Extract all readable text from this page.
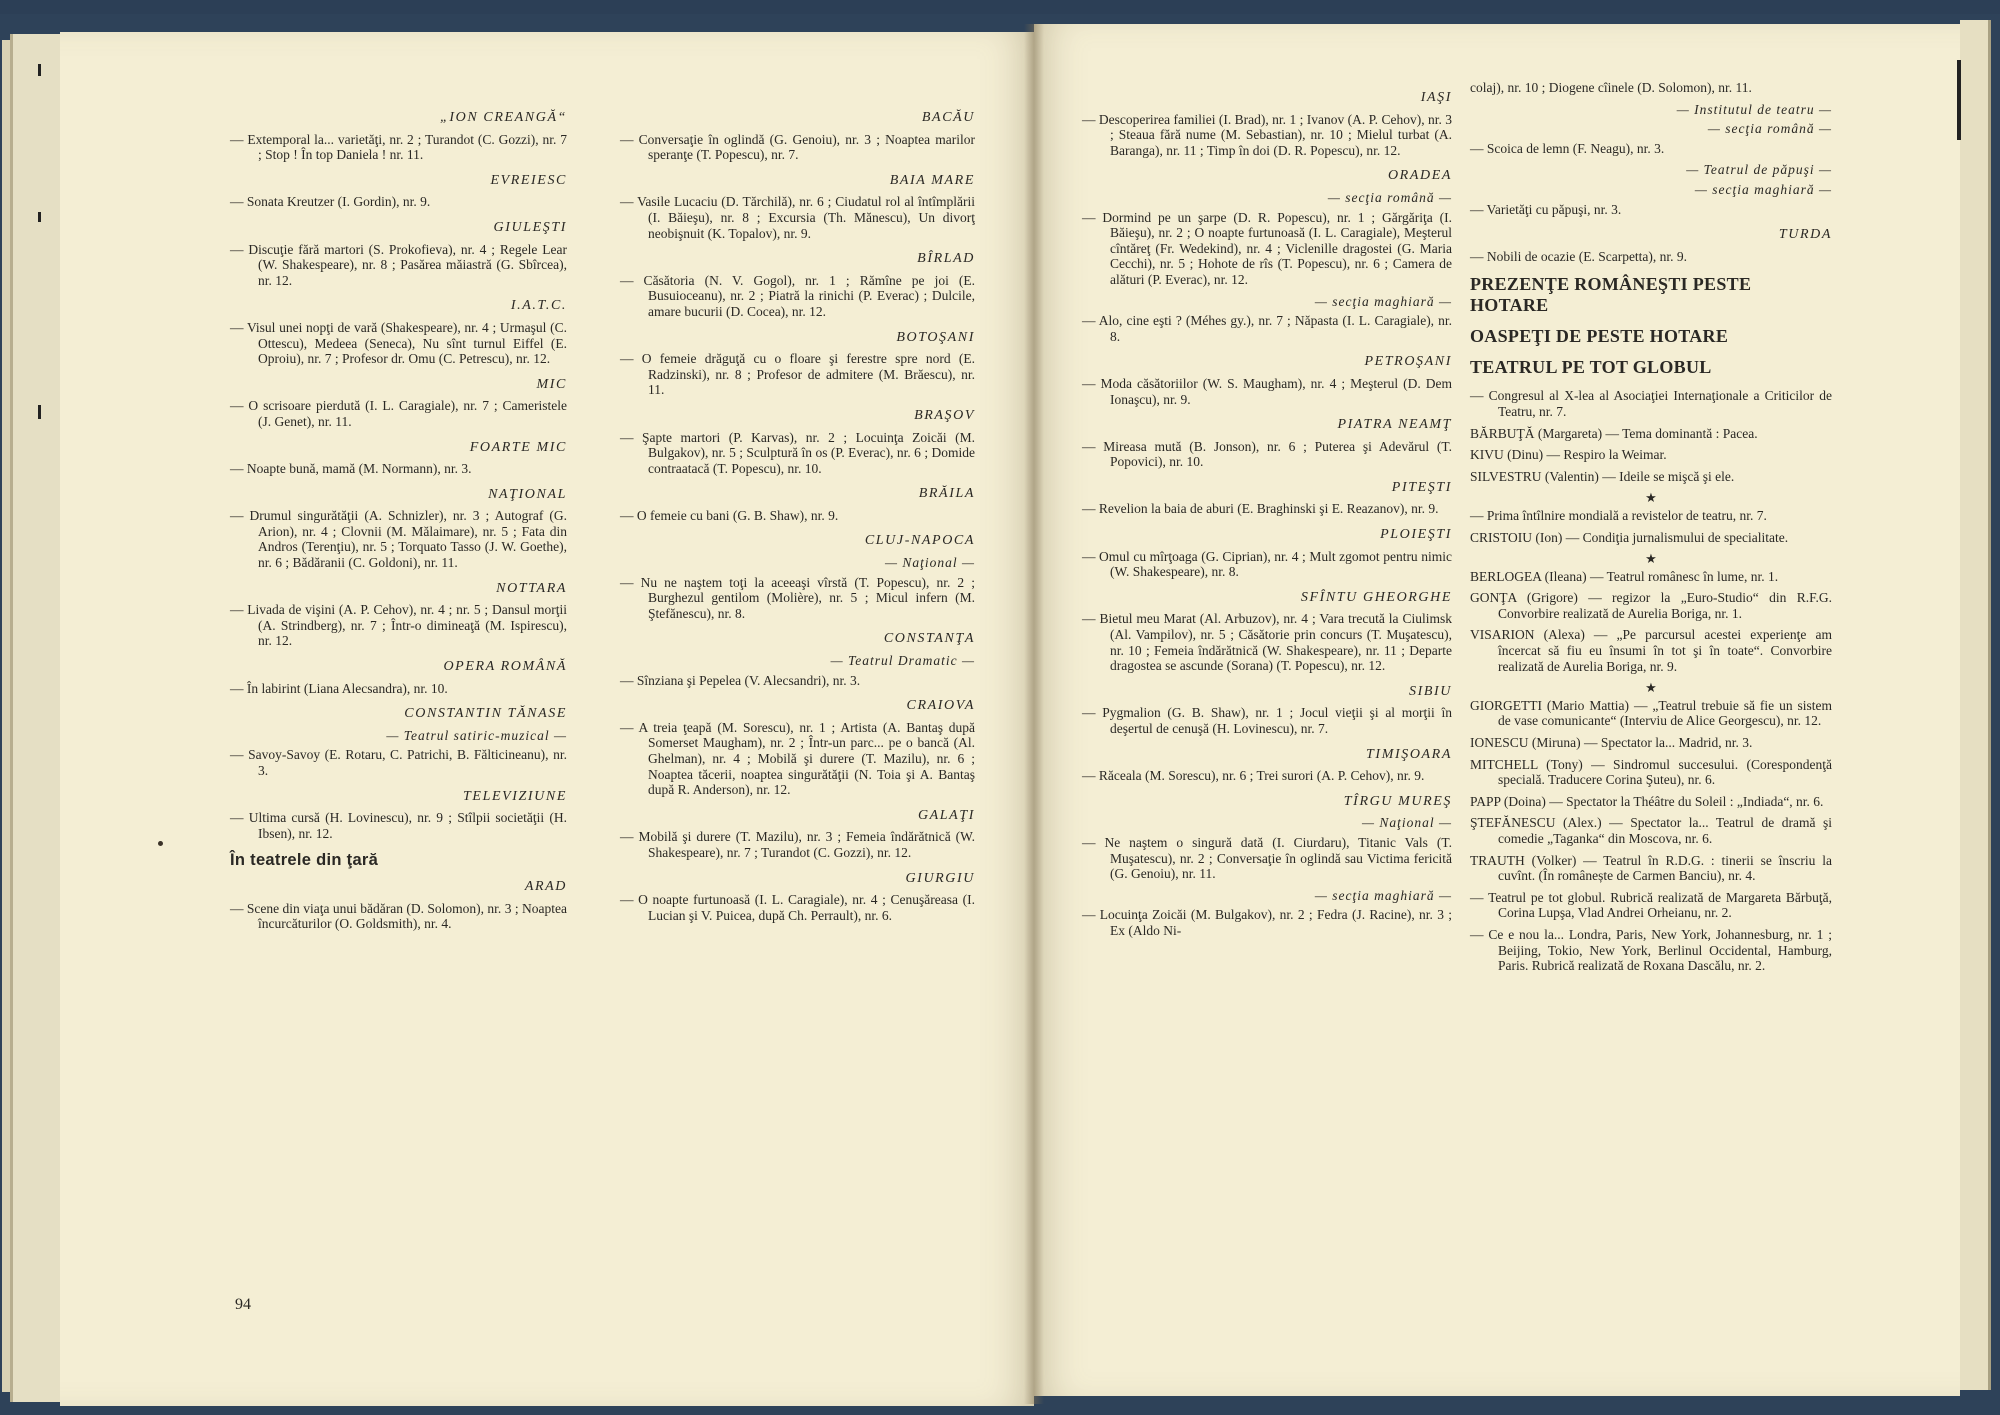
„ION CREANGĂ“
— Extemporal la... varietăţi, nr. 2 ; Turandot (C. Gozzi), nr. 7 ; Stop ! În top Daniela ! nr. 11.
EVREIESC
— Sonata Kreutzer (I. Gordin), nr. 9.
GIULEŞTI
— Discuţie fără martori (S. Prokofieva), nr. 4 ; Regele Lear (W. Shakespeare), nr. 8 ; Pasărea măiastră (G. Sbîrcea), nr. 12.
I.A.T.C.
— Visul unei nopţi de vară (Shakespeare), nr. 4 ; Urmaşul (C. Ottescu), Medeea (Seneca), Nu sînt turnul Eiffel (E. Oproiu), nr. 7 ; Profesor dr. Omu (C. Petrescu), nr. 12.
MIC
— O scrisoare pierdută (I. L. Caragiale), nr. 7 ; Cameristele (J. Genet), nr. 11.
FOARTE MIC
— Noapte bună, mamă (M. Normann), nr. 3.
NAŢIONAL
— Drumul singurătăţii (A. Schnizler), nr. 3 ; Autograf (G. Arion), nr. 4 ; Clovnii (M. Mălaimare), nr. 5 ; Fata din Andros (Terenţiu), nr. 5 ; Torquato Tasso (J. W. Goethe), nr. 6 ; Bădăranii (C. Goldoni), nr. 11.
NOTTARA
— Livada de vişini (A. P. Cehov), nr. 4 ; nr. 5 ; Dansul morţii (A. Strindberg), nr. 7 ; Într-o dimineaţă (M. Ispirescu), nr. 12.
OPERA ROMÂNĂ
— În labirint (Liana Alecsandra), nr. 10.
CONSTANTIN TĂNASE
— Teatrul satiric-muzical —
— Savoy-Savoy (E. Rotaru, C. Patrichi, B. Fălticineanu), nr. 3.
TELEVIZIUNE
— Ultima cursă (H. Lovinescu), nr. 9 ; Stîlpii societăţii (H. Ibsen), nr. 12.
În teatrele din ţară
ARAD
— Scene din viaţa unui bădăran (D. Solomon), nr. 3 ; Noaptea încurcăturilor (O. Goldsmith), nr. 4.
BACĂU
— Conversaţie în oglindă (G. Genoiu), nr. 3 ; Noaptea marilor speranţe (T. Popescu), nr. 7.
BAIA MARE
— Vasile Lucaciu (D. Tărchilă), nr. 6 ; Ciudatul rol al întîmplării (I. Băieşu), nr. 8 ; Excursia (Th. Mănescu), Un divorţ neobişnuit (K. Topalov), nr. 9.
BÎRLAD
— Căsătoria (N. V. Gogol), nr. 1 ; Rămîne pe joi (E. Busuioceanu), nr. 2 ; Piatră la rinichi (P. Everac) ; Dulcile, amare bucurii (D. Cocea), nr. 12.
BOTOŞANI
— O femeie drăguţă cu o floare şi ferestre spre nord (E. Radzinski), nr. 8 ; Profesor de admitere (M. Brăescu), nr. 11.
BRAŞOV
— Şapte martori (P. Karvas), nr. 2 ; Locuinţa Zoicăi (M. Bulgakov), nr. 5 ; Sculptură în os (P. Everac), nr. 6 ; Domide contraatacă (T. Popescu), nr. 10.
BRĂILA
— O femeie cu bani (G. B. Shaw), nr. 9.
CLUJ-NAPOCA
— Naţional —
— Nu ne naştem toţi la aceeaşi vîrstă (T. Popescu), nr. 2 ; Burghezul gentilom (Molière), nr. 5 ; Micul infern (M. Ştefănescu), nr. 8.
CONSTANŢA
— Teatrul Dramatic —
— Sînziana şi Pepelea (V. Alecsandri), nr. 3.
CRAIOVA
— A treia ţeapă (M. Sorescu), nr. 1 ; Artista (A. Bantaş după Somerset Maugham), nr. 2 ; Într-un parc... pe o bancă (Al. Ghelman), nr. 4 ; Mobilă şi durere (T. Mazilu), nr. 6 ; Noaptea tăcerii, noaptea singurătăţii (N. Toia şi A. Bantaş după R. Anderson), nr. 12.
GALAŢI
— Mobilă şi durere (T. Mazilu), nr. 3 ; Femeia îndărătnică (W. Shakespeare), nr. 7 ; Turandot (C. Gozzi), nr. 12.
GIURGIU
— O noapte furtunoasă (I. L. Caragiale), nr. 4 ; Cenuşăreasa (I. Lucian şi V. Puicea, după Ch. Perrault), nr. 6.
IAŞI
— Descoperirea familiei (I. Brad), nr. 1 ; Ivanov (A. P. Cehov), nr. 3 ; Steaua fără nume (M. Sebastian), nr. 10 ; Mielul turbat (A. Baranga), nr. 11 ; Timp în doi (D. R. Popescu), nr. 12.
ORADEA
— secţia română —
— Dormind pe un şarpe (D. R. Popescu), nr. 1 ; Gărgăriţa (I. Băieşu), nr. 2 ; O noapte furtunoasă (I. L. Caragiale), Meşterul cîntăreţ (Fr. Wedekind), nr. 4 ; Viclenille dragostei (G. Maria Cecchi), nr. 5 ; Hohote de rîs (T. Popescu), nr. 6 ; Camera de alături (P. Everac), nr. 12.
— secţia maghiară —
— Alo, cine eşti ? (Méhes gy.), nr. 7 ; Năpasta (I. L. Caragiale), nr. 8.
PETROŞANI
— Moda căsătoriilor (W. S. Maugham), nr. 4 ; Meşterul (D. Dem Ionaşcu), nr. 9.
PIATRA NEAMŢ
— Mireasa mută (B. Jonson), nr. 6 ; Puterea şi Adevărul (T. Popovici), nr. 10.
PITEŞTI
— Revelion la baia de aburi (E. Braghinski şi E. Reazanov), nr. 9.
PLOIEŞTI
— Omul cu mîrţoaga (G. Ciprian), nr. 4 ; Mult zgomot pentru nimic (W. Shakespeare), nr. 8.
SFÎNTU GHEORGHE
— Bietul meu Marat (Al. Arbuzov), nr. 4 ; Vara trecută la Ciulimsk (Al. Vampilov), nr. 5 ; Căsătorie prin concurs (T. Muşatescu), nr. 10 ; Femeia îndărătnică (W. Shakespeare), nr. 11 ; Departe dragostea se ascunde (Sorana) (T. Popescu), nr. 12.
SIBIU
— Pygmalion (G. B. Shaw), nr. 1 ; Jocul vieţii şi al morţii în deşertul de cenuşă (H. Lovinescu), nr. 7.
TIMIŞOARA
— Răceala (M. Sorescu), nr. 6 ; Trei surori (A. P. Cehov), nr. 9.
TÎRGU MUREŞ
— Naţional —
— Ne naştem o singură dată (I. Ciurdaru), Titanic Vals (T. Muşatescu), nr. 2 ; Conversaţie în oglindă sau Victima fericită (G. Genoiu), nr. 11.
— secţia maghiară —
— Locuinţa Zoicăi (M. Bulgakov), nr. 2 ; Fedra (J. Racine), nr. 3 ; Ex (Aldo Ni-
colaj), nr. 10 ; Diogene cîinele (D. Solomon), nr. 11.
— Institutul de teatru —
— secţia română —
— Scoica de lemn (F. Neagu), nr. 3.
— Teatrul de păpuşi —
— secţia maghiară —
— Varietăţi cu păpuşi, nr. 3.
TURDA
— Nobili de ocazie (E. Scarpetta), nr. 9.
PREZENŢE ROMÂNEŞTI PESTE HOTARE
OASPEŢI DE PESTE HOTARE
TEATRUL PE TOT GLOBUL
— Congresul al X-lea al Asociaţiei Internaţionale a Criticilor de Teatru, nr. 7.
BĂRBUŢĂ (Margareta) — Tema dominantă : Pacea.
KIVU (Dinu) — Respiro la Weimar.
SILVESTRU (Valentin) — Ideile se mişcă şi ele.
★
— Prima întîlnire mondială a revistelor de teatru, nr. 7.
CRISTOIU (Ion) — Condiţia jurnalismului de specialitate.
★
BERLOGEA (Ileana) — Teatrul românesc în lume, nr. 1.
GONŢA (Grigore) — regizor la „Euro-Studio“ din R.F.G. Convorbire realizată de Aurelia Boriga, nr. 1.
VISARION (Alexa) — „Pe parcursul acestei experienţe am încercat să fiu eu însumi în tot şi în toate“. Convorbire realizată de Aurelia Boriga, nr. 9.
★
GIORGETTI (Mario Mattia) — „Teatrul trebuie să fie un sistem de vase comunicante“ (Interviu de Alice Georgescu), nr. 12.
IONESCU (Miruna) — Spectator la... Madrid, nr. 3.
MITCHELL (Tony) — Sindromul succesului. (Corespondenţă specială. Traducere Corina Şuteu), nr. 6.
PAPP (Doina) — Spectator la Théâtre du Soleil : „Indiada“, nr. 6.
ŞTEFĂNESCU (Alex.) — Spectator la... Teatrul de dramă şi comedie „Taganka“ din Moscova, nr. 6.
TRAUTH (Volker) — Teatrul în R.D.G. : tinerii se înscriu la cuvînt. (În românește de Carmen Banciu), nr. 4.
— Teatrul pe tot globul. Rubrică realizată de Margareta Bărbuţă, Corina Lupşa, Vlad Andrei Orheianu, nr. 2.
— Ce e nou la... Londra, Paris, New York, Johannesburg, nr. 1 ; Beijing, Tokio, New York, Berlinul Occidental, Hamburg, Paris. Rubrică realizată de Roxana Dascălu, nr. 2.
94
